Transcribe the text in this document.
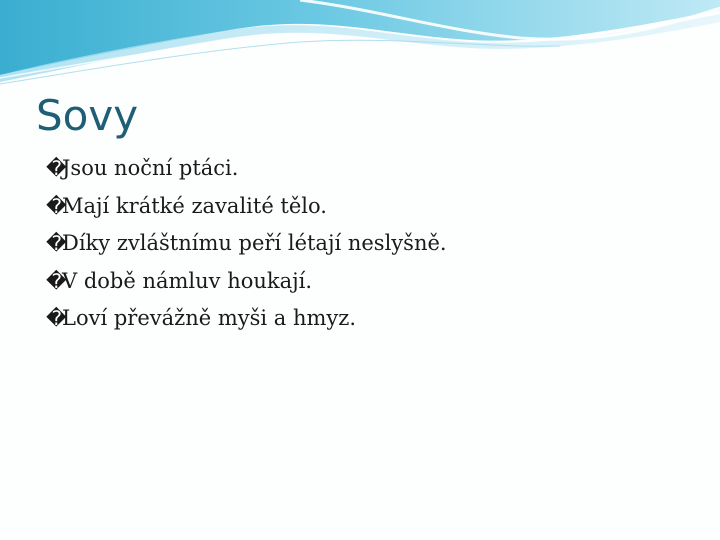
Sovy
�
Jsou noční ptáci.
�
Mají krátké zavalité tělo.
�
Díky zvláštnímu peří létají neslyšně.
�
V době námluv houkají.
�
Loví převážně myši a hmyz.
